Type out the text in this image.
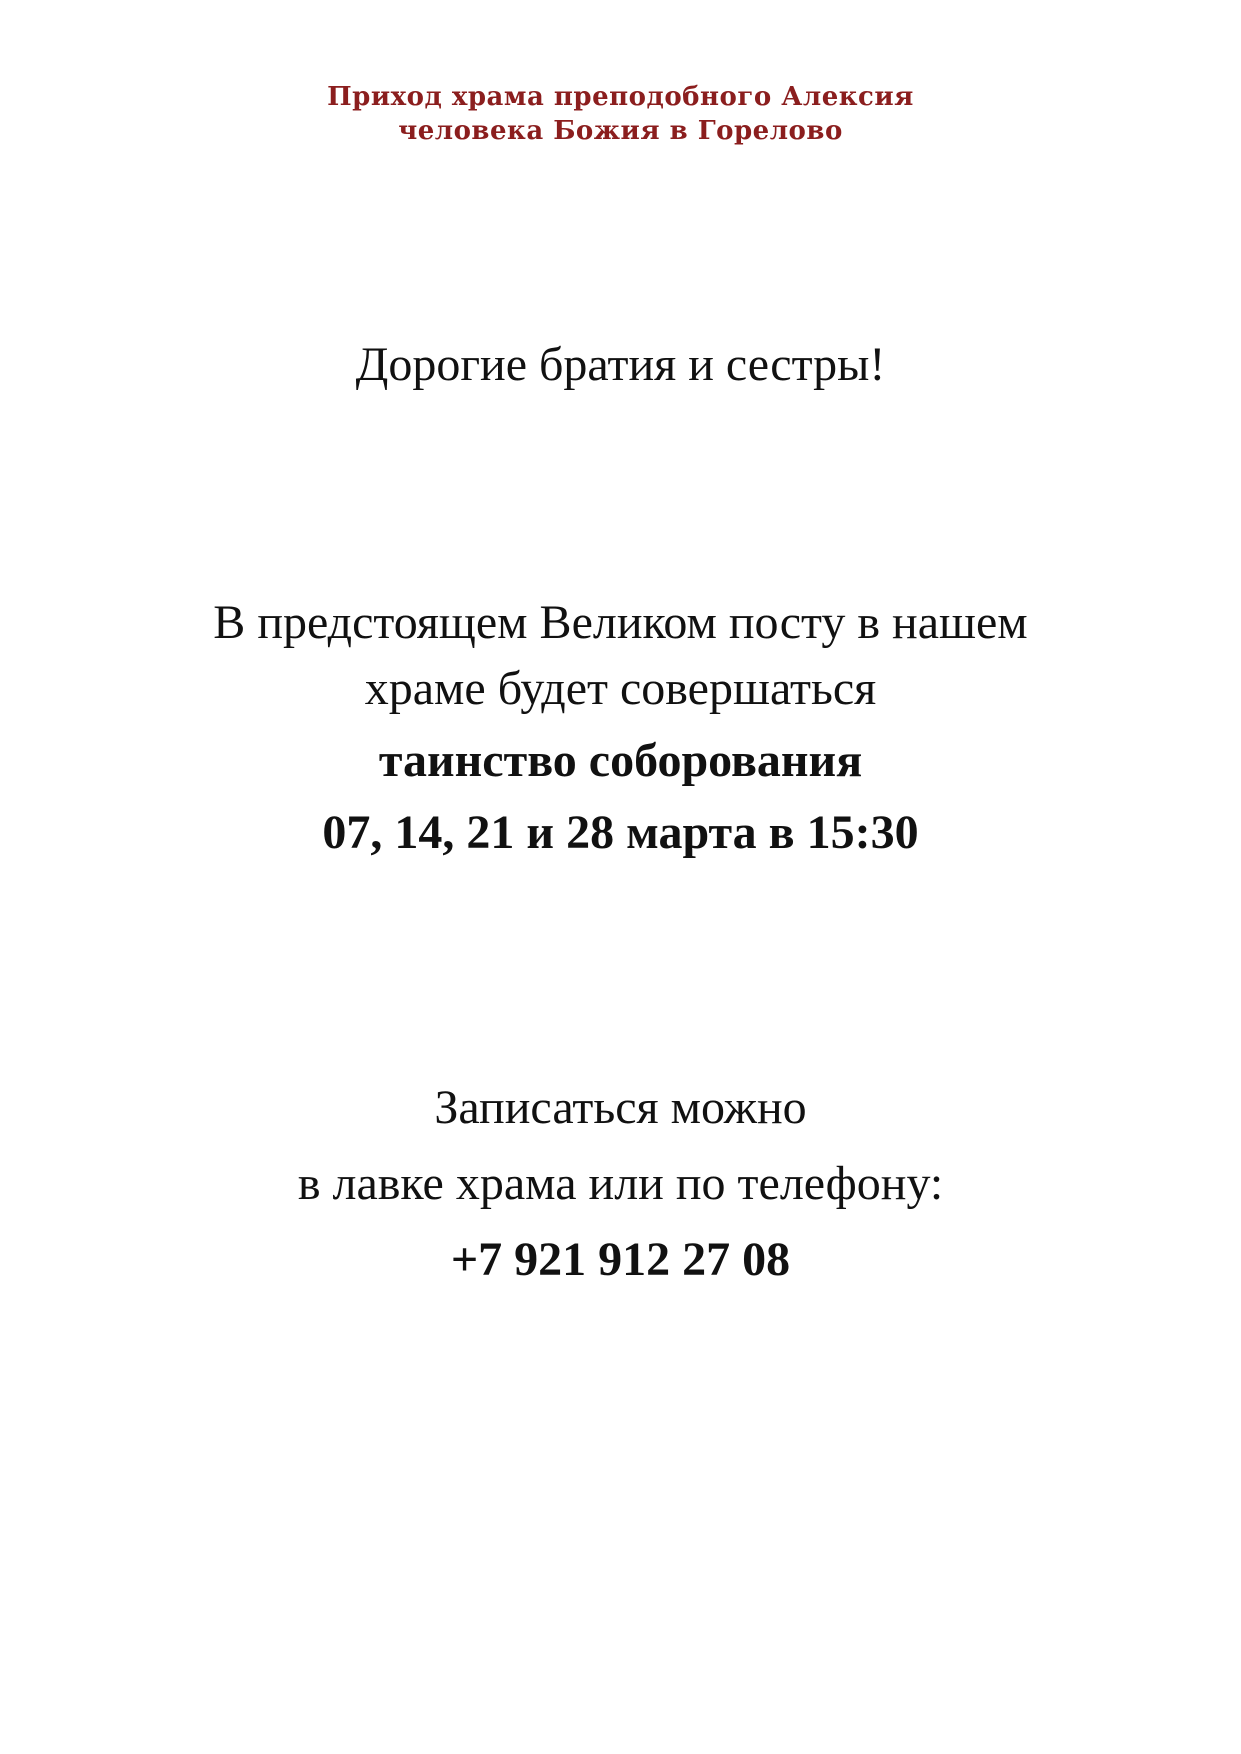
Приход храма преподобного Алексия
человека Божия в Горелово
Дорогие братия и сестры!
В предстоящем Великом посту в нашем
храме будет совершаться
таинство соборования
07, 14, 21 и 28 марта в 15:30
Записаться можно
в лавке храма или по телефону:
+7 921 912 27 08
